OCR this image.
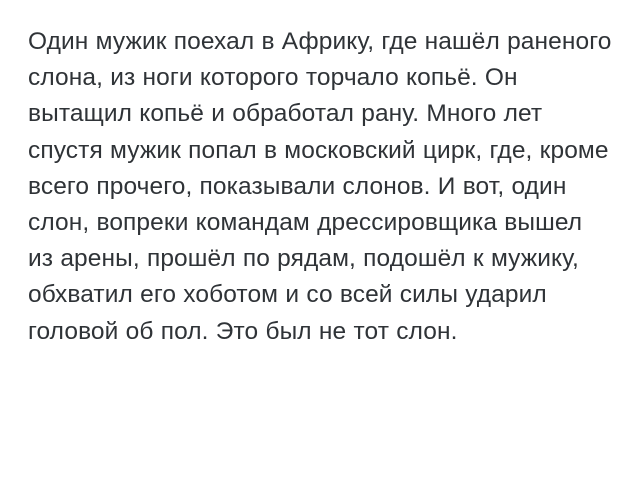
Один мужик поехал в Африку, где нашёл раненого слона, из ноги которого торчало копьё. Он вытащил копьё и обработал рану. Много лет спустя мужик попал в московский цирк, где, кроме всего прочего, показывали слонов. И вот, один слон, вопреки командам дрессировщика вышел из арены, прошёл по рядам, подошёл к мужику, обхватил его хоботом и со всей силы ударил головой об пол. Это был не тот слон.
